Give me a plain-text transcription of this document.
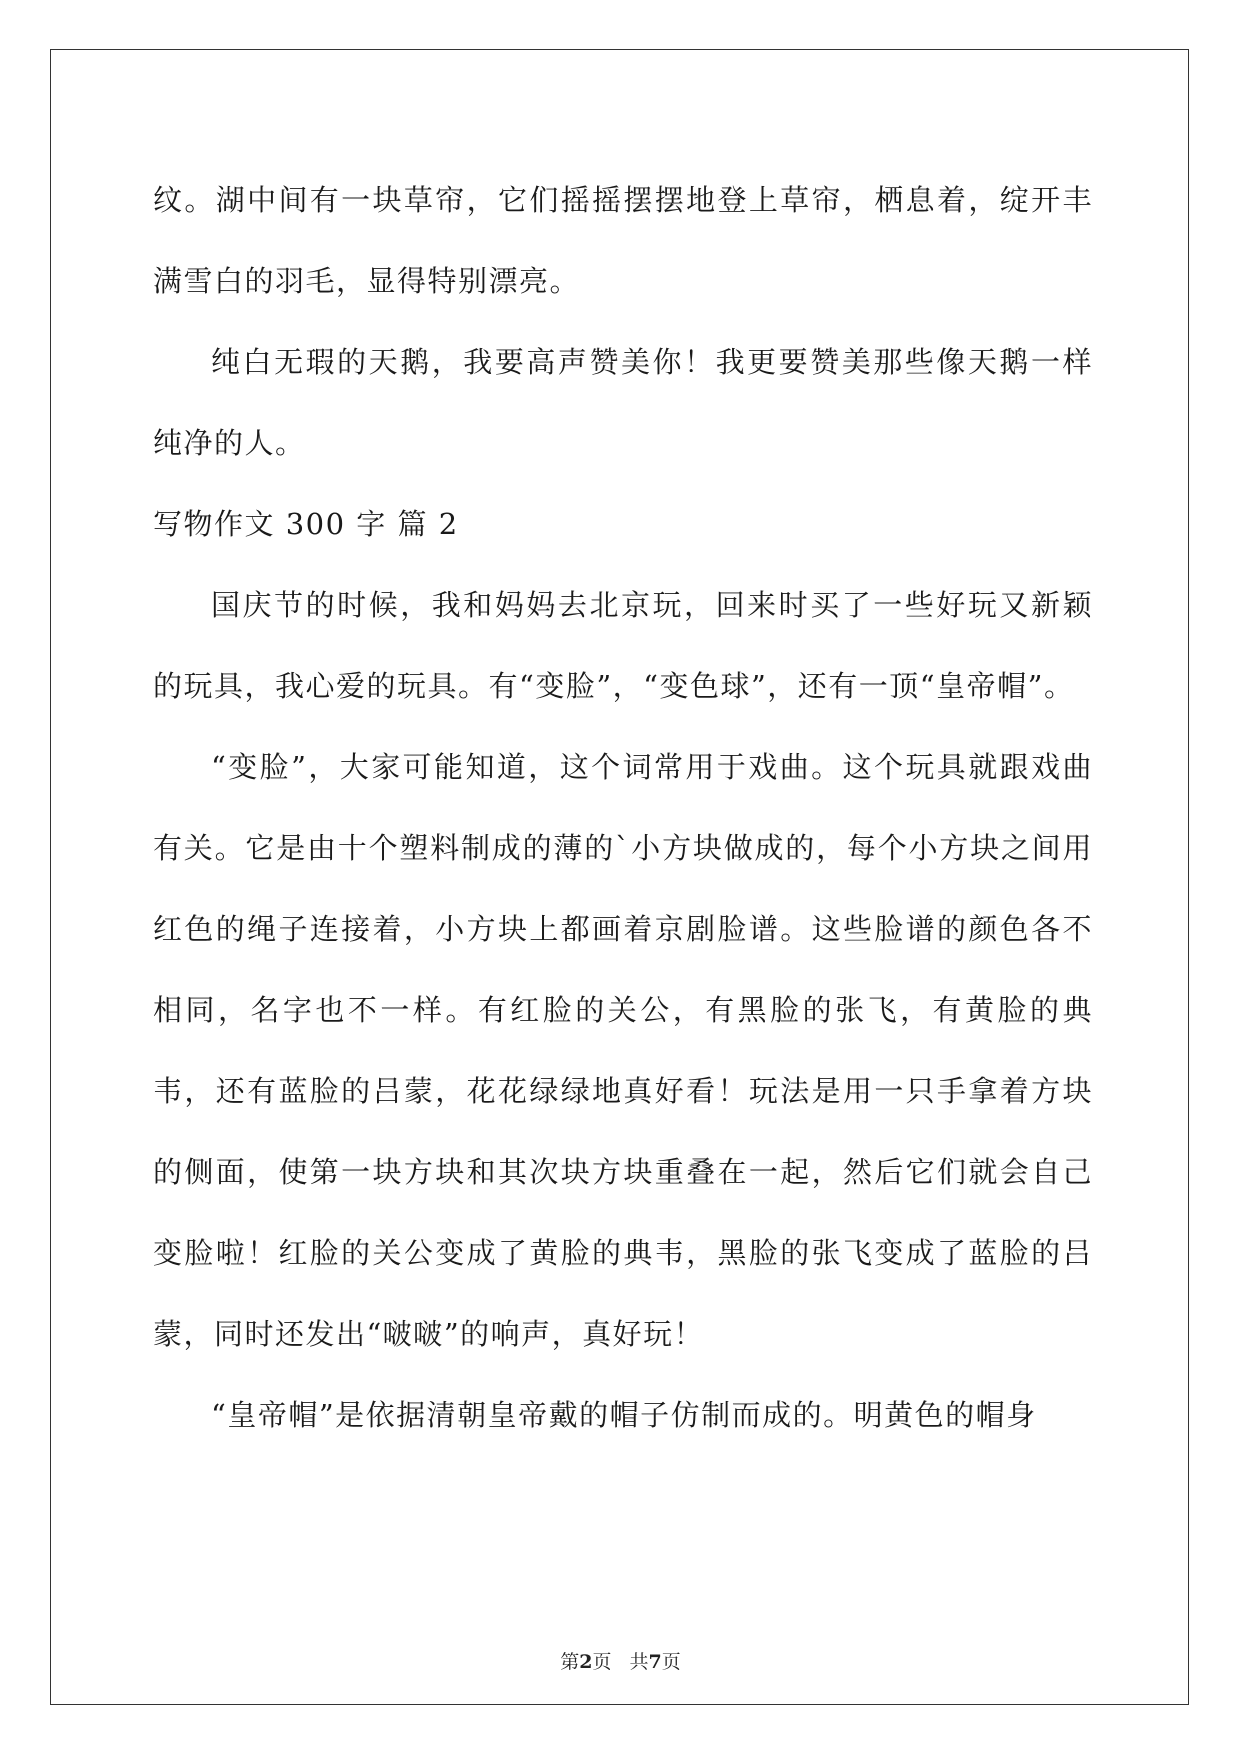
纹。湖中间有一块草帘，它们摇摇摆摆地登上草帘，栖息着，绽开丰满雪白的羽毛，显得特别漂亮。

纯白无瑕的天鹅，我要高声赞美你！我更要赞美那些像天鹅一样纯净的人。

写物作文 300 字 篇 2

国庆节的时候，我和妈妈去北京玩，回来时买了一些好玩又新颖 的玩具，我心爱的玩具。有“变脸”，“变色球”，还有一顶“皇帝帽”。

“变脸”，大家可能知道，这个词常用于戏曲。这个玩具就跟戏曲有关。它是由十个塑料制成的薄的`小方块做成的，每个小方块之间用红色的绳子连接着，小方块上都画着京剧脸谱。这些脸谱的颜色各不相同，名字也不一样。有红脸的关公，有黑脸的张飞，有黄脸的典韦，还有蓝脸的吕蒙，花花绿绿地真好看！玩法是用一只手拿着方块的侧面，使第一块方块和其次块方块重叠在一起，然后它们就会自己变脸啦！红脸的关公变成了黄脸的典韦，黑脸的张飞变成了蓝脸的吕蒙，同时还发出“啵啵”的响声，真好玩！

“皇帝帽”是依据清朝皇帝戴的帽子仿制而成的。明黄色的帽身

第2页 共7页
